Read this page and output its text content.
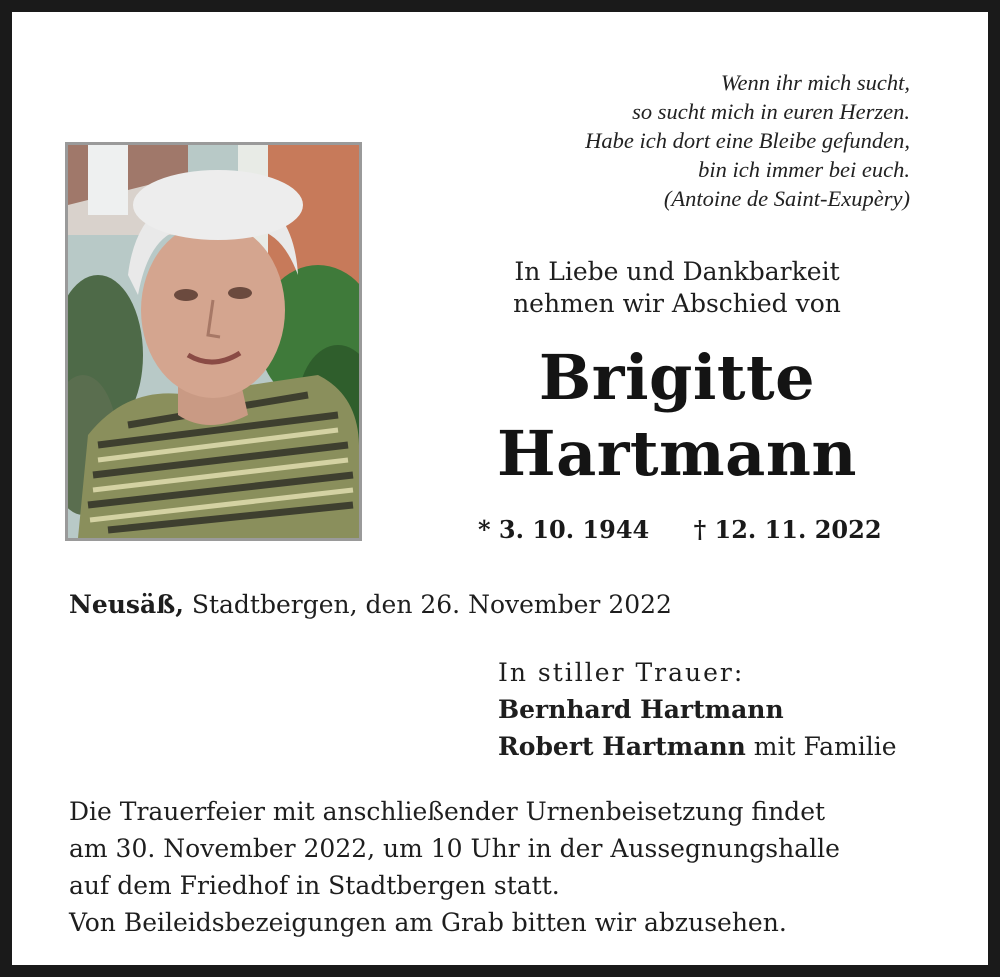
Wenn ihr mich sucht,
so sucht mich in euren Herzen.
Habe ich dort eine Bleibe gefunden,
bin ich immer bei euch.
(Antoine de Saint-Exupèry)
In Liebe und Dankbarkeit
nehmen wir Abschied von
Brigitte
Hartmann
* 3. 10. 1944 † 12. 11. 2022
Neusäß, Stadtbergen, den 26. November 2022
In stiller Trauer:
Bernhard Hartmann
Robert Hartmann mit Familie
Die Trauerfeier mit anschließender Urnenbeisetzung findet
am 30. November 2022, um 10 Uhr in der Aussegnungshalle
auf dem Friedhof in Stadtbergen statt.
Von Beileidsbezeigungen am Grab bitten wir abzusehen.
